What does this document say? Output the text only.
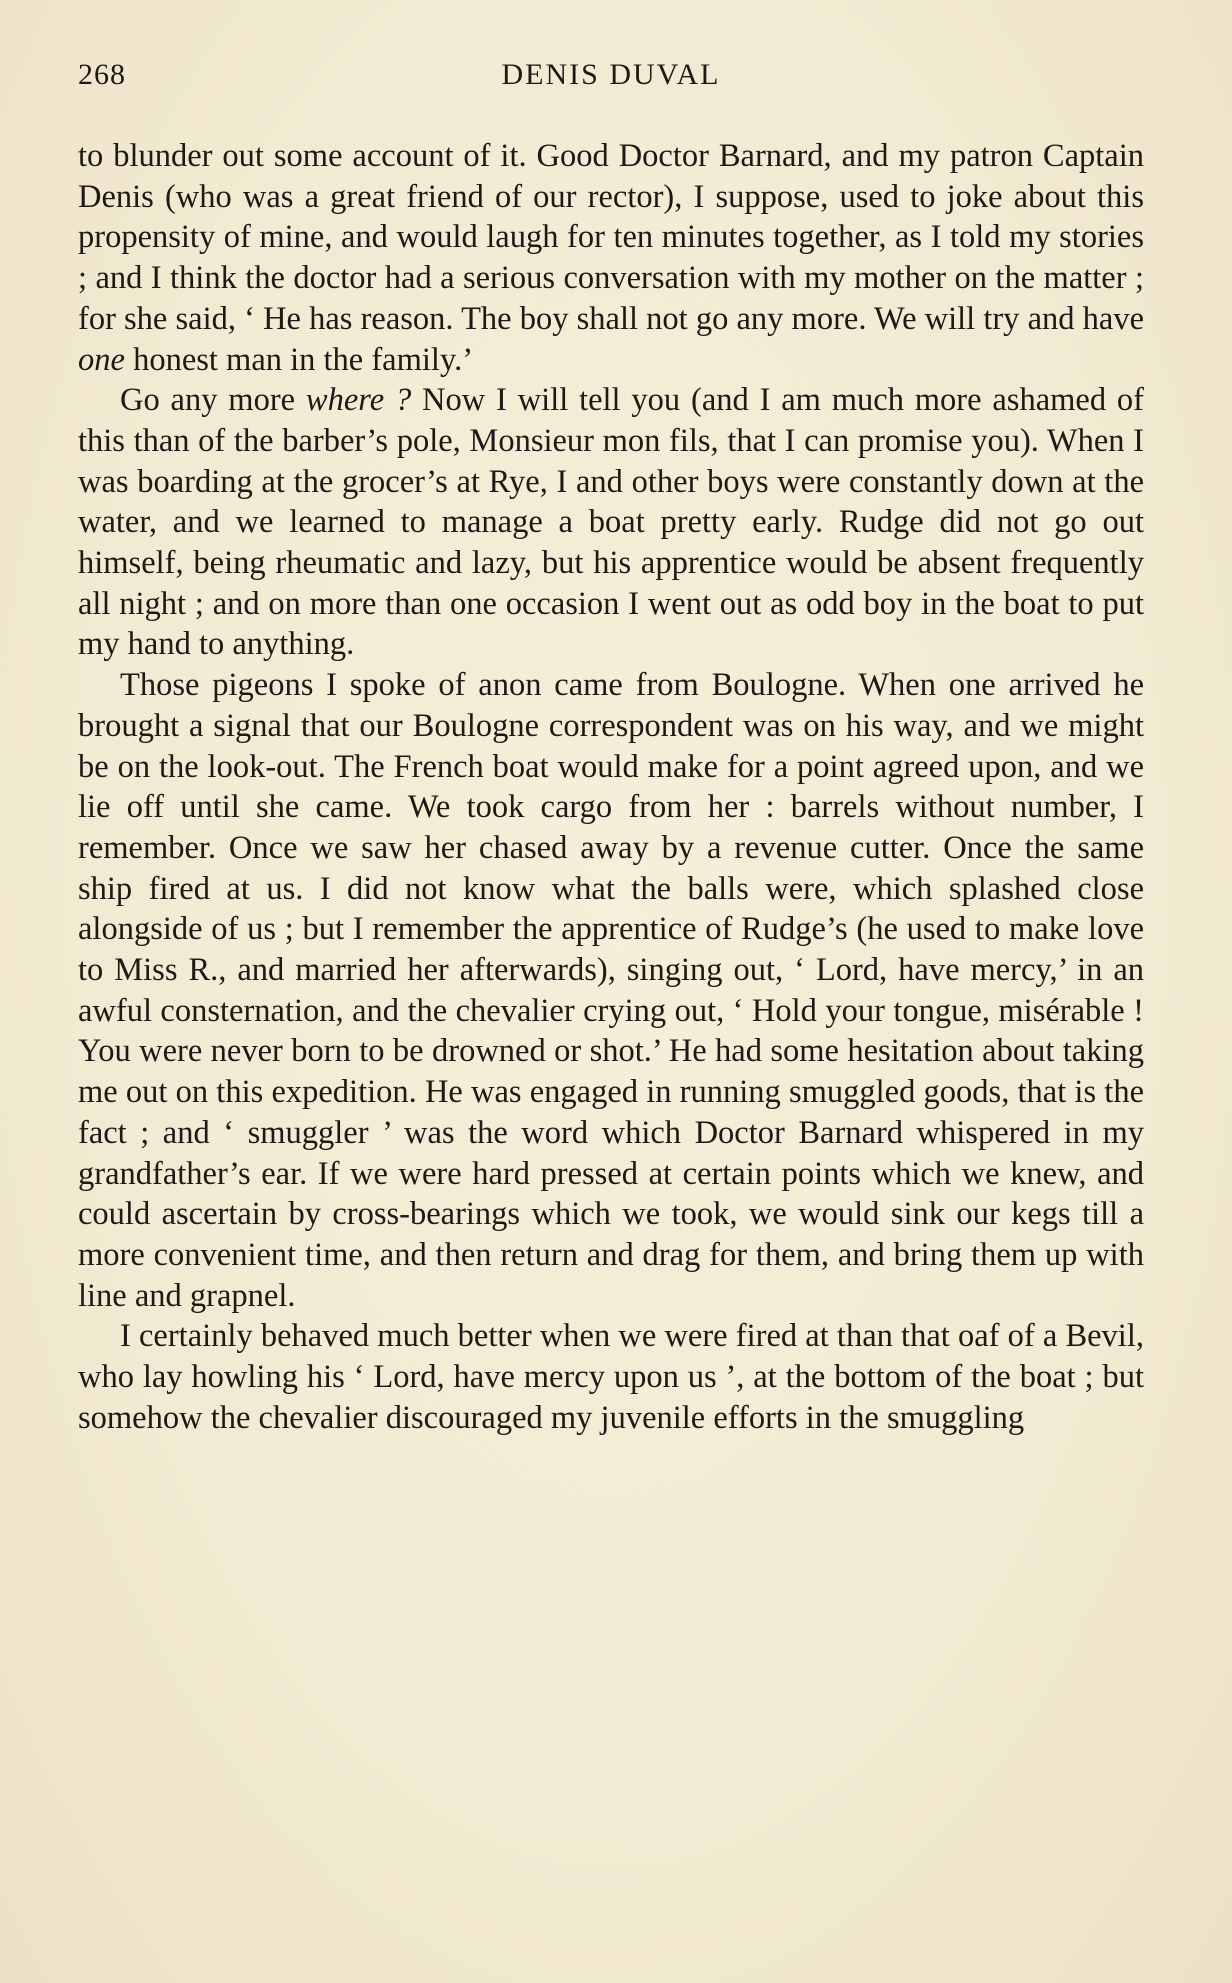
268	DENIS DUVAL

to blunder out some account of it. Good Doctor Barnard, and my patron Captain Denis (who was a great friend of our rector), I suppose, used to joke about this propensity of mine, and would laugh for ten minutes together, as I told my stories ; and I think the doctor had a serious conversation with my mother on the matter ; for she said, ‘ He has reason. The boy shall not go any more. We will try and have one honest man in the family.’

Go any more where ? Now I will tell you (and I am much more ashamed of this than of the barber’s pole, Monsieur mon fils, that I can promise you). When I was boarding at the grocer’s at Rye, I and other boys were constantly down at the water, and we learned to manage a boat pretty early. Rudge did not go out himself, being rheumatic and lazy, but his apprentice would be absent frequently all night ; and on more than one occasion I went out as odd boy in the boat to put my hand to anything.

Those pigeons I spoke of anon came from Boulogne. When one arrived he brought a signal that our Boulogne correspondent was on his way, and we might be on the look-out. The French boat would make for a point agreed upon, and we lie off until she came. We took cargo from her : barrels without number, I remember. Once we saw her chased away by a revenue cutter. Once the same ship fired at us. I did not know what the balls were, which splashed close alongside of us ; but I remember the apprentice of Rudge’s (he used to make love to Miss R., and married her afterwards), singing out, ‘ Lord, have mercy,’ in an awful consternation, and the chevalier crying out, ‘ Hold your tongue, misérable ! You were never born to be drowned or shot.’ He had some hesitation about taking me out on this expedition. He was engaged in running smuggled goods, that is the fact ; and ‘ smuggler ’ was the word which Doctor Barnard whispered in my grandfather’s ear. If we were hard pressed at certain points which we knew, and could ascertain by cross-bearings which we took, we would sink our kegs till a more convenient time, and then return and drag for them, and bring them up with line and grapnel.

I certainly behaved much better when we were fired at than that oaf of a Bevil, who lay howling his ‘ Lord, have mercy upon us ’, at the bottom of the boat ; but somehow the chevalier discouraged my juvenile efforts in the smuggling
